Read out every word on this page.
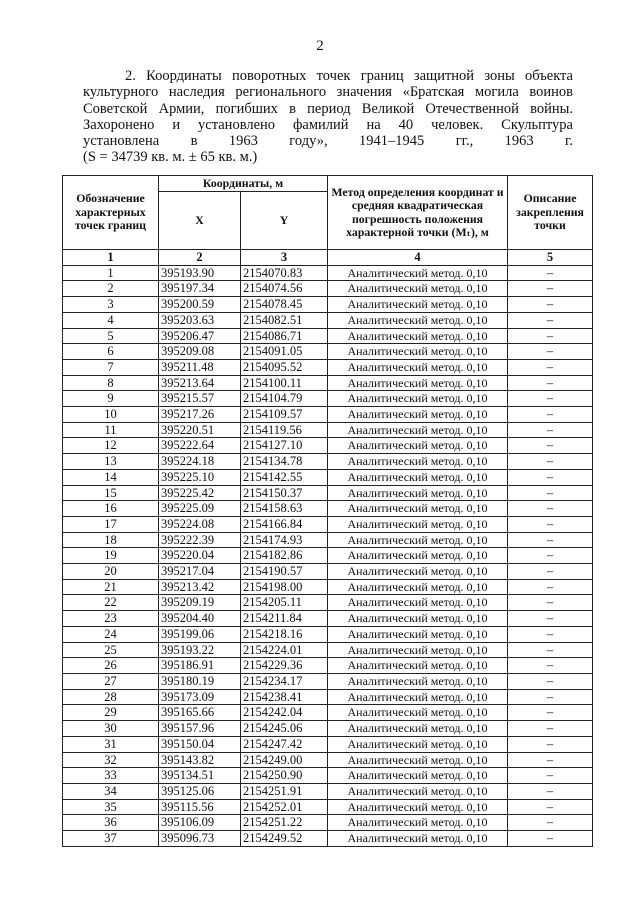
2
2. Координаты поворотных точек границ защитной зоны объекта
культурного наследия регионального значения «Братская могила воинов
Советской Армии, погибших в период Великой Отечественной войны.
Захоронено и установлено фамилий на 40 человек. Скульптура
установлена в 1963 году», 1941–1945 гг., 1963 г.
(S = 34739 кв. м. ± 65 кв. м.)
Обозначение характерных точек границ	Координаты, м		Метод определения координат и средняя квадратическая погрешность положения характерной точки (Mₜ), м	Описание закрепления точки
	X	Y		
1	2	3	4	5
1	395193.90	2154070.83	Аналитический метод. 0,10	–
2	395197.34	2154074.56	Аналитический метод. 0,10	–
3	395200.59	2154078.45	Аналитический метод. 0,10	–
4	395203.63	2154082.51	Аналитический метод. 0,10	–
5	395206.47	2154086.71	Аналитический метод. 0,10	–
6	395209.08	2154091.05	Аналитический метод. 0,10	–
7	395211.48	2154095.52	Аналитический метод. 0,10	–
8	395213.64	2154100.11	Аналитический метод. 0,10	–
9	395215.57	2154104.79	Аналитический метод. 0,10	–
10	395217.26	2154109.57	Аналитический метод. 0,10	–
11	395220.51	2154119.56	Аналитический метод. 0,10	–
12	395222.64	2154127.10	Аналитический метод. 0,10	–
13	395224.18	2154134.78	Аналитический метод. 0,10	–
14	395225.10	2154142.55	Аналитический метод. 0,10	–
15	395225.42	2154150.37	Аналитический метод. 0,10	–
16	395225.09	2154158.63	Аналитический метод. 0,10	–
17	395224.08	2154166.84	Аналитический метод. 0,10	–
18	395222.39	2154174.93	Аналитический метод. 0,10	–
19	395220.04	2154182.86	Аналитический метод. 0,10	–
20	395217.04	2154190.57	Аналитический метод. 0,10	–
21	395213.42	2154198.00	Аналитический метод. 0,10	–
22	395209.19	2154205.11	Аналитический метод. 0,10	–
23	395204.40	2154211.84	Аналитический метод. 0,10	–
24	395199.06	2154218.16	Аналитический метод. 0,10	–
25	395193.22	2154224.01	Аналитический метод. 0,10	–
26	395186.91	2154229.36	Аналитический метод. 0,10	–
27	395180.19	2154234.17	Аналитический метод. 0,10	–
28	395173.09	2154238.41	Аналитический метод. 0,10	–
29	395165.66	2154242.04	Аналитический метод. 0,10	–
30	395157.96	2154245.06	Аналитический метод. 0,10	–
31	395150.04	2154247.42	Аналитический метод. 0,10	–
32	395143.82	2154249.00	Аналитический метод. 0,10	–
33	395134.51	2154250.90	Аналитический метод. 0,10	–
34	395125.06	2154251.91	Аналитический метод. 0,10	–
35	395115.56	2154252.01	Аналитический метод. 0,10	–
36	395106.09	2154251.22	Аналитический метод. 0,10	–
37	395096.73	2154249.52	Аналитический метод. 0,10	–
